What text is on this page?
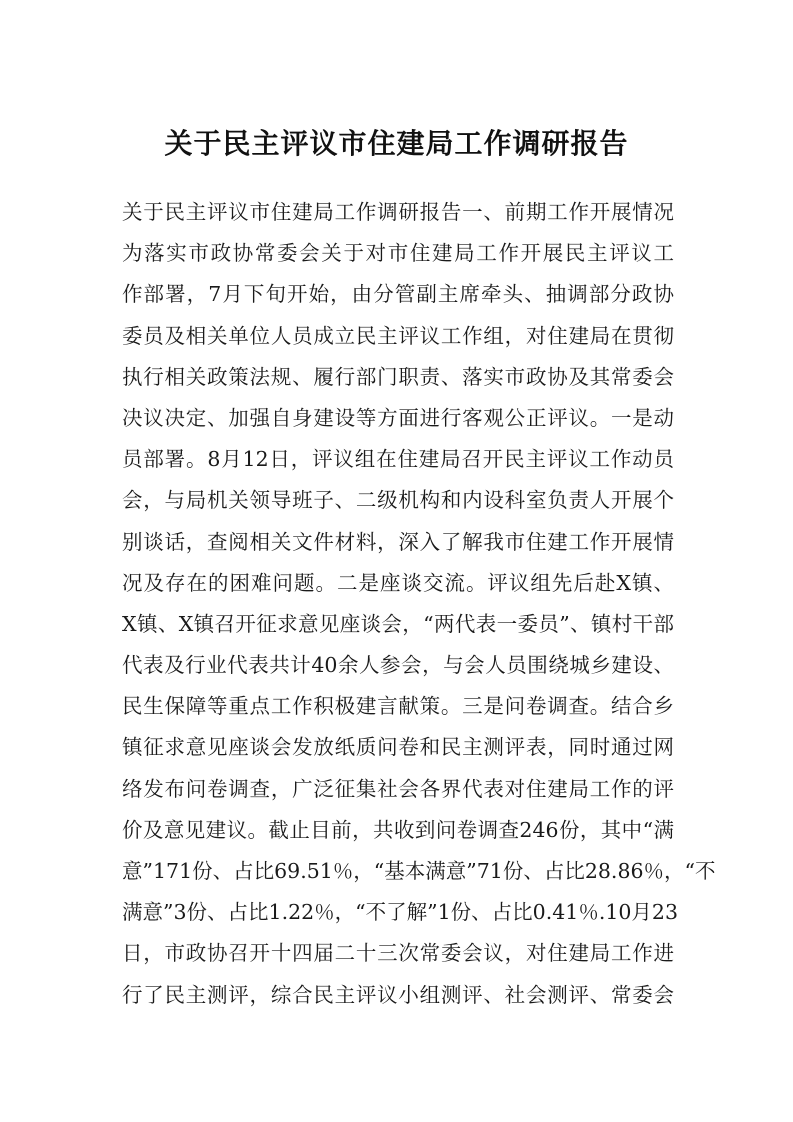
关于民主评议市住建局工作调研报告
关于民主评议市住建局工作调研报告一、前期工作开展情况
为落实市政协常委会关于对市住建局工作开展民主评议工
作部署，7月下旬开始，由分管副主席牵头、抽调部分政协
委员及相关单位人员成立民主评议工作组，对住建局在贯彻
执行相关政策法规、履行部门职责、落实市政协及其常委会
决议决定、加强自身建设等方面进行客观公正评议。一是动
员部署。8月12日，评议组在住建局召开民主评议工作动员
会，与局机关领导班子、二级机构和内设科室负责人开展个
别谈话，查阅相关文件材料，深入了解我市住建工作开展情
况及存在的困难问题。二是座谈交流。评议组先后赴X镇、
X镇、X镇召开征求意见座谈会，“两代表一委员”、镇村干部
代表及行业代表共计40余人参会，与会人员围绕城乡建设、
民生保障等重点工作积极建言献策。三是问卷调查。结合乡
镇征求意见座谈会发放纸质问卷和民主测评表，同时通过网
络发布问卷调查，广泛征集社会各界代表对住建局工作的评
价及意见建议。截止目前，共收到问卷调查246份，其中“满
意”171份、占比69.51％，“基本满意”71份、占比28.86％，“不
满意”3份、占比1.22％，“不了解”1份、占比0.41％.10月23
日，市政协召开十四届二十三次常委会议，对住建局工作进
行了民主测评，综合民主评议小组测评、社会测评、常委会
